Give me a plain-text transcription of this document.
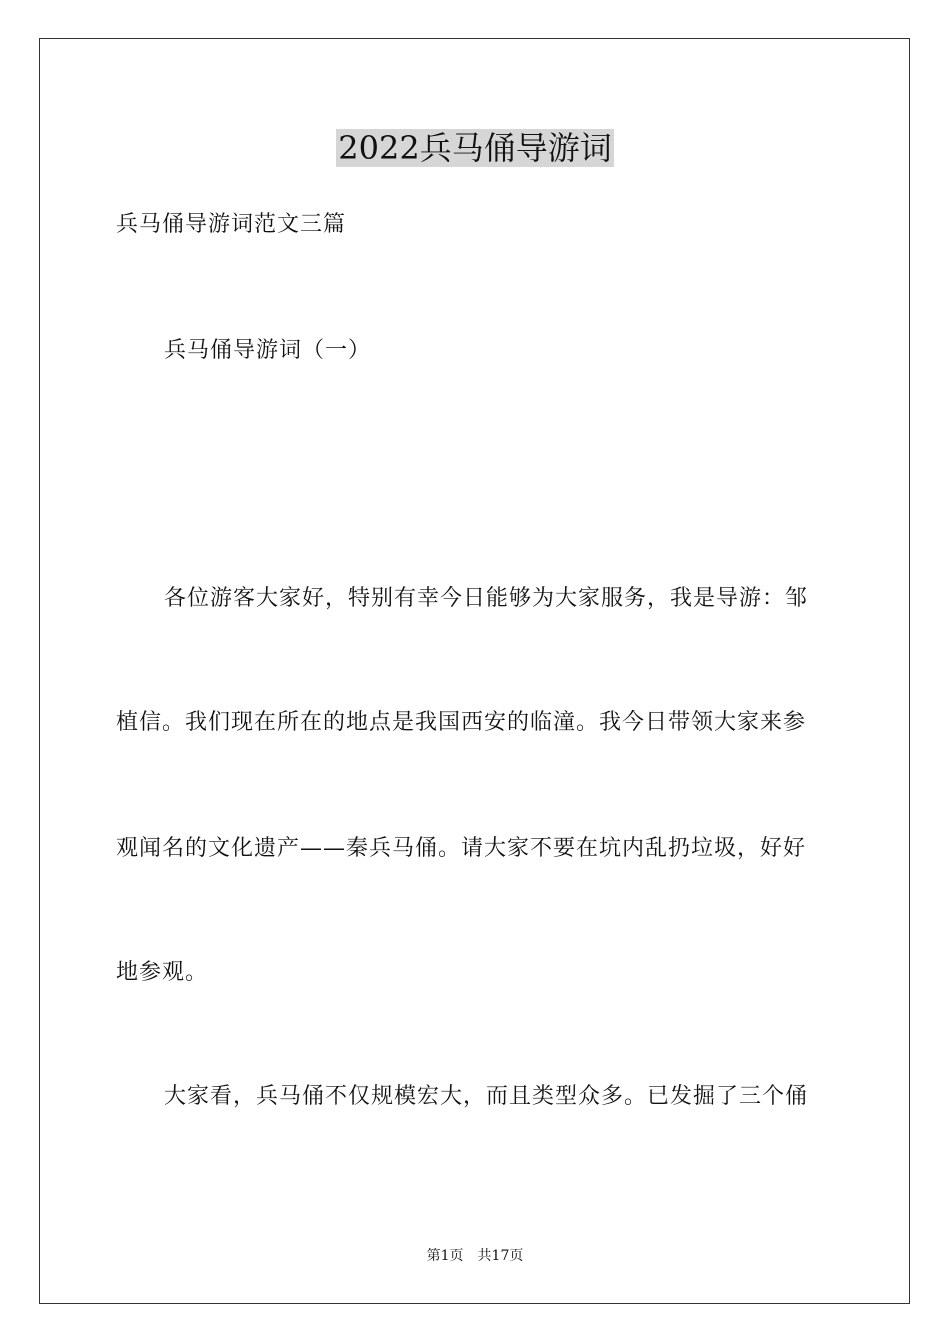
2022兵马俑导游词
兵马俑导游词范文三篇
兵马俑导游词（一）
各位游客大家好，特别有幸今日能够为大家服务，我是导游：邹
植信。我们现在所在的地点是我国西安的临潼。我今日带领大家来参
观闻名的文化遗产——秦兵马俑。请大家不要在坑内乱扔垃圾，好好
地参观。
大家看，兵马俑不仅规模宏大，而且类型众多。已发掘了三个俑
第1页 共17页
